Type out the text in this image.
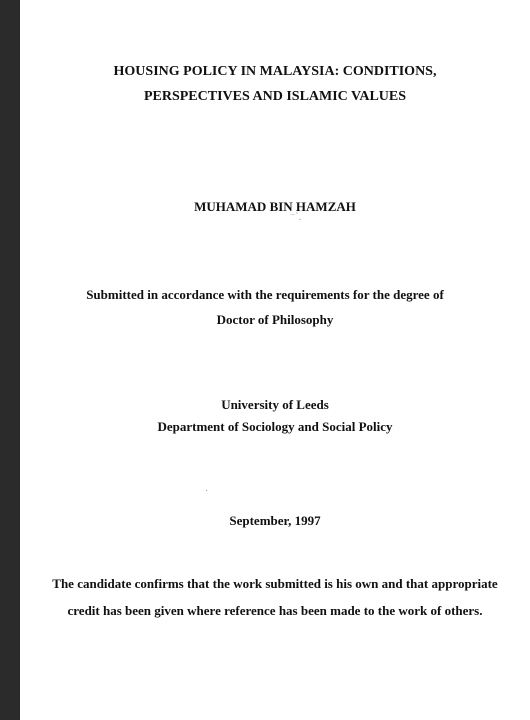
HOUSING POLICY IN MALAYSIA: CONDITIONS,
PERSPECTIVES AND ISLAMIC VALUES
MUHAMAD BIN HAMZAH
⁻`.
Submitted in accordance with the requirements for the degree of
Doctor of Philosophy
University of Leeds
Department of Sociology and Social Policy
·
September, 1997
The candidate confirms that the work submitted is his own and that appropriate
credit has been given where reference has been made to the work of others.
